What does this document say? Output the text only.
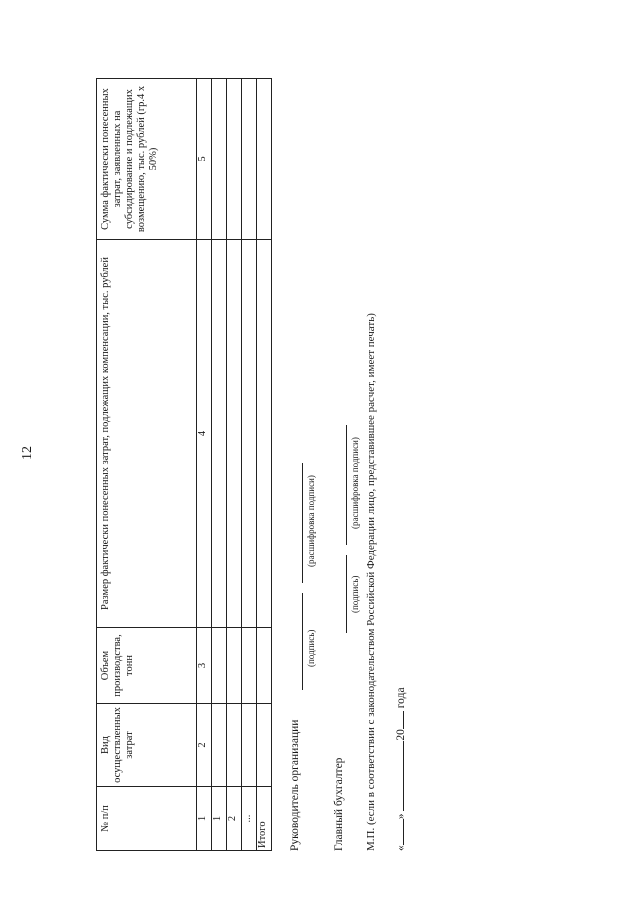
12
№ п/п	Вид осуществленных затрат	Объем производства, тонн	Размер фактически понесенных затрат, подлежащих компенсации, тыс. рублей	Сумма фактически понесенных затрат, заявленных на субсидирование и подлежащих возмещению, тыс. рублей (гр.4 х 50%)
1	2	3	4	5
1				
2				
...				
Итого				Руководитель организации
(подпись)
(расшифровка подписи)
Главный бухгалтер
(подпись)
(расшифровка подписи) М.П. (если в соответствии с законодательством Российской Федерации лицо, представившее расчет, имеет печать) «» 20 года
